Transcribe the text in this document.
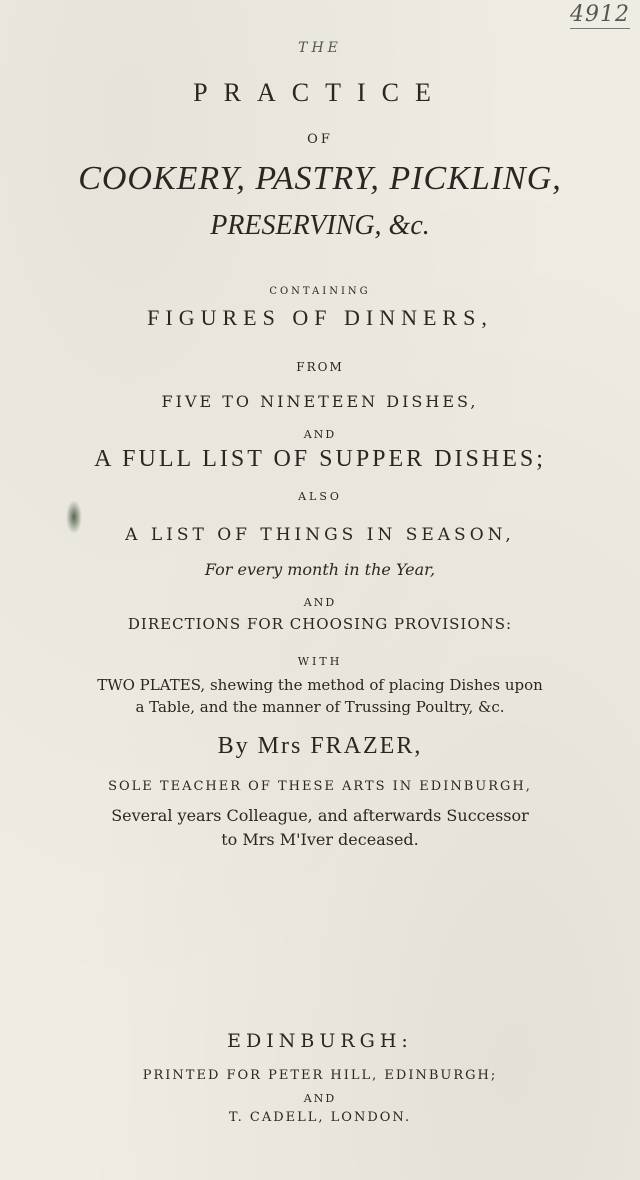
4912
THE
PRACTICE
OF
COOKERY, PASTRY, PICKLING,
PRESERVING, &c.
CONTAINING
FIGURES OF DINNERS,
FROM
FIVE TO NINETEEN DISHES,
AND
A FULL LIST OF SUPPER DISHES;
ALSO
A LIST OF THINGS IN SEASON,
For every month in the Year,
AND
DIRECTIONS FOR CHOOSING PROVISIONS:
WITH
TWO PLATES, shewing the method of placing Dishes upon
a Table, and the manner of Trussing Poultry, &c.
By Mrs FRAZER,
SOLE TEACHER OF THESE ARTS IN EDINBURGH,
Several years Colleague, and afterwards Successor
to Mrs M'Iver deceased.
EDINBURGH:
PRINTED FOR PETER HILL, EDINBURGH;
AND
T. CADELL, LONDON.
